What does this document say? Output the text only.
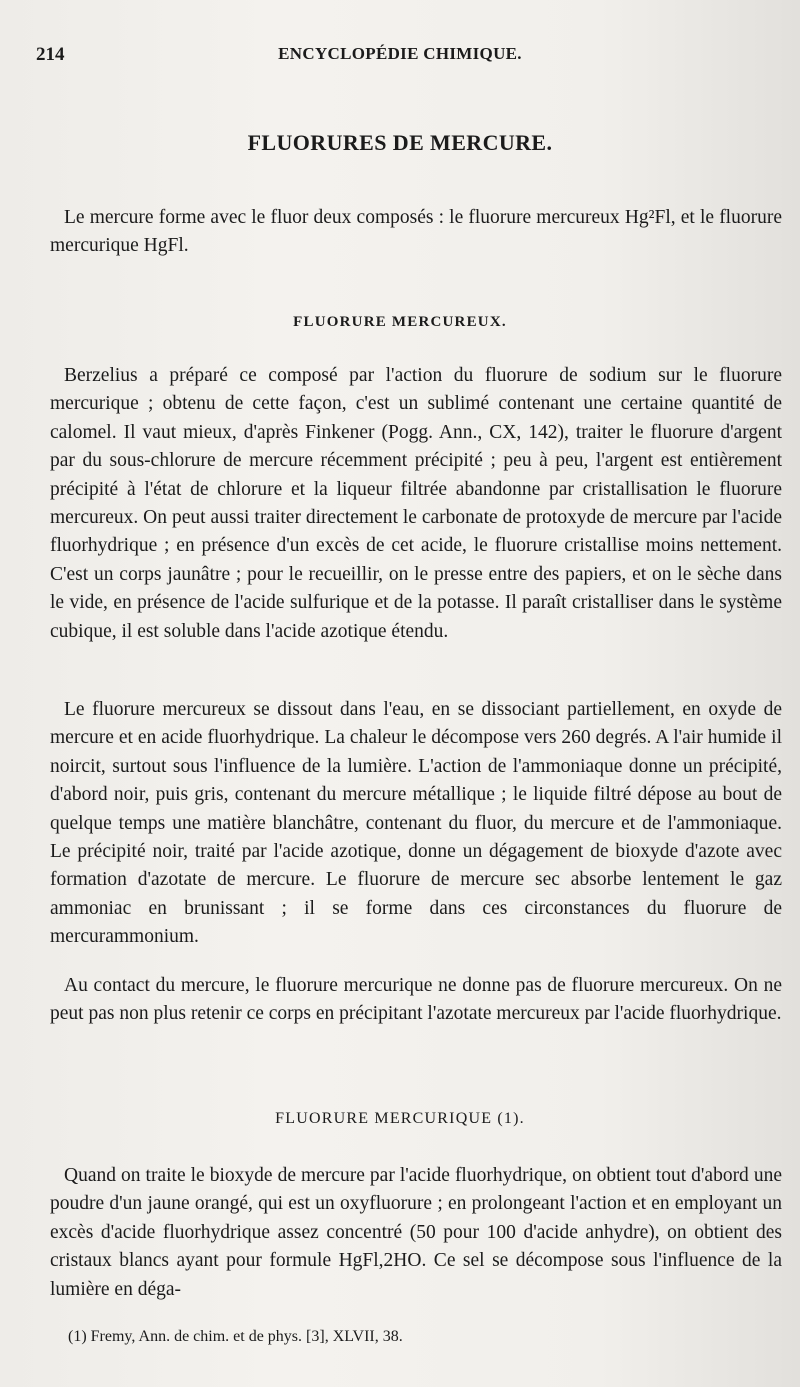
214	ENCYCLOPÉDIE CHIMIQUE.
FLUORURES DE MERCURE.

Le mercure forme avec le fluor deux composés : le fluorure mercureux Hg²Fl, et le fluorure mercurique HgFl.

FLUORURE MERCUREUX.

Berzelius a préparé ce composé par l'action du fluorure de sodium sur le fluorure mercurique ; obtenu de cette façon, c'est un sublimé contenant une certaine quantité de calomel. Il vaut mieux, d'après Finkener (Pogg. Ann., CX, 142), traiter le fluorure d'argent par du sous-chlorure de mercure récemment précipité ; peu à peu, l'argent est entièrement précipité à l'état de chlorure et la liqueur filtrée abandonne par cristallisation le fluorure mercureux. On peut aussi traiter directement le carbonate de protoxyde de mercure par l'acide fluorhydrique ; en présence d'un excès de cet acide, le fluorure cristallise moins nettement. C'est un corps jaunâtre ; pour le recueillir, on le presse entre des papiers, et on le sèche dans le vide, en présence de l'acide sulfurique et de la potasse. Il paraît cristalliser dans le système cubique, il est soluble dans l'acide azotique étendu.

Le fluorure mercureux se dissout dans l'eau, en se dissociant partiellement, en oxyde de mercure et en acide fluorhydrique. La chaleur le décompose vers 260 degrés. A l'air humide il noircit, surtout sous l'influence de la lumière. L'action de l'ammoniaque donne un précipité, d'abord noir, puis gris, contenant du mercure métallique ; le liquide filtré dépose au bout de quelque temps une matière blanchâtre, contenant du fluor, du mercure et de l'ammoniaque. Le précipité noir, traité par l'acide azotique, donne un dégagement de bioxyde d'azote avec formation d'azotate de mercure. Le fluorure de mercure sec absorbe lentement le gaz ammoniac en brunissant ; il se forme dans ces circonstances du fluorure de mercurammonium.

Au contact du mercure, le fluorure mercurique ne donne pas de fluorure mercureux. On ne peut pas non plus retenir ce corps en précipitant l'azotate mercureux par l'acide fluorhydrique.

FLUORURE MERCURIQUE (1).

Quand on traite le bioxyde de mercure par l'acide fluorhydrique, on obtient tout d'abord une poudre d'un jaune orangé, qui est un oxyfluorure ; en prolongeant l'action et en employant un excès d'acide fluorhydrique assez concentré (50 pour 100 d'acide anhydre), on obtient des cristaux blancs ayant pour formule HgFl,2HO. Ce sel se décompose sous l'influence de la lumière en déga-

(1) Fremy, Ann. de chim. et de phys. [3], XLVII, 38.
